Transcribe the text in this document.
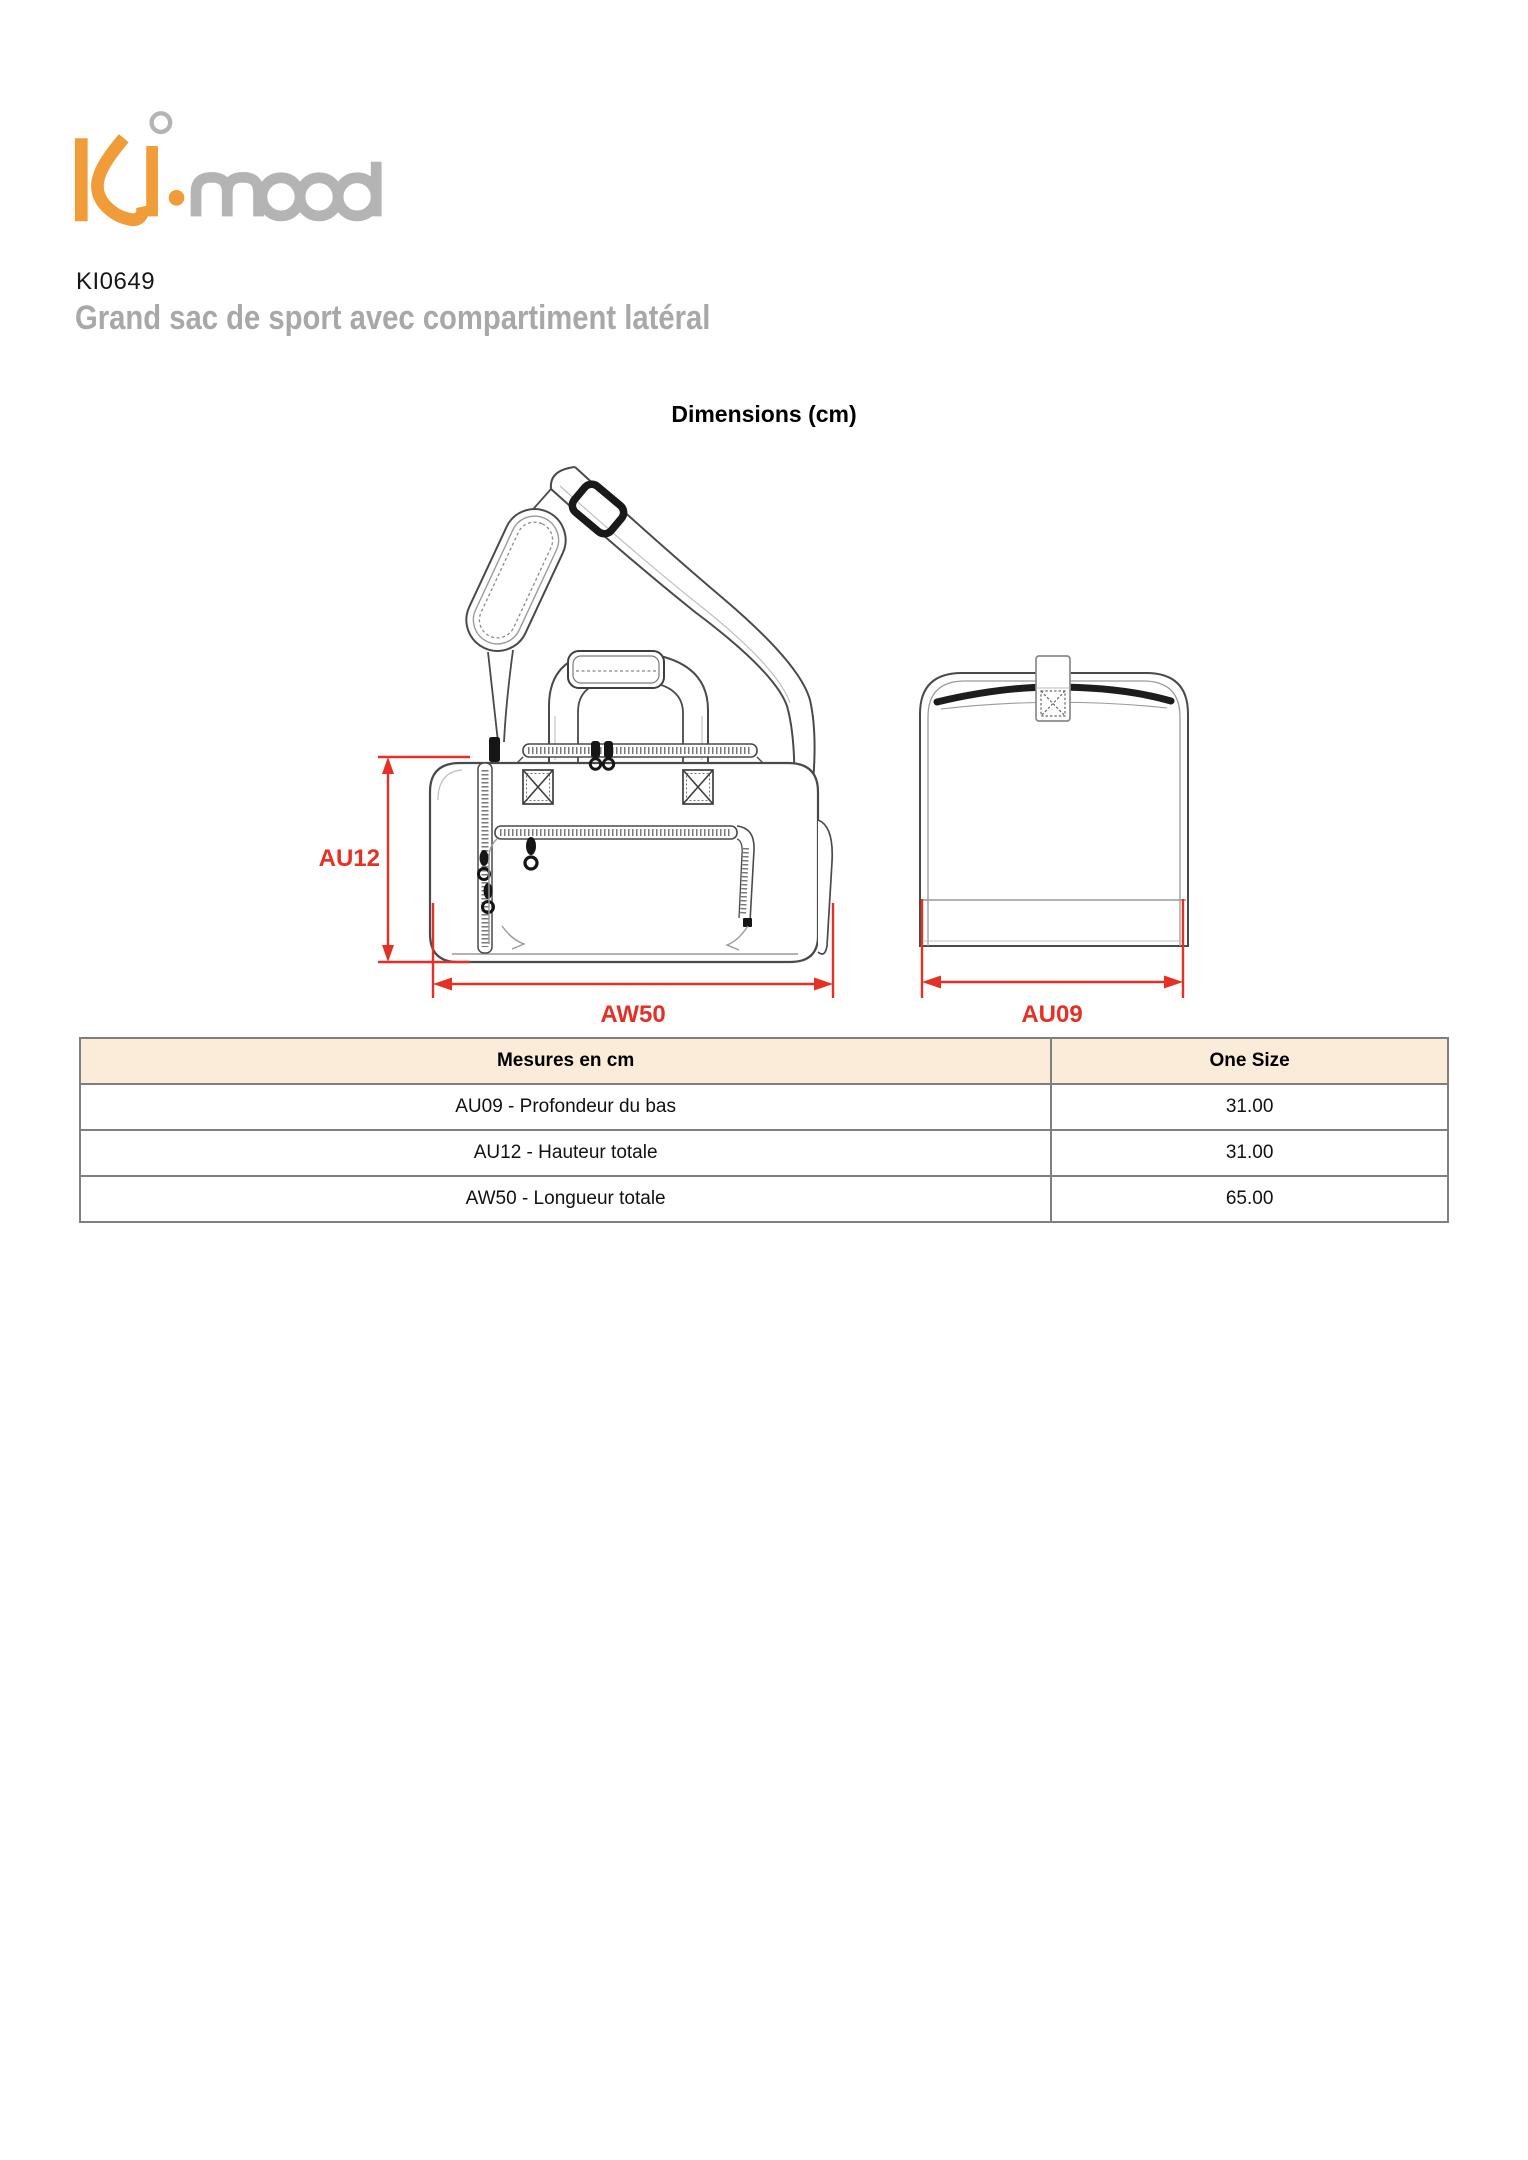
KI0649
Grand sac de sport avec compartiment latéral
Dimensions (cm)
AU12
AW50	AU09
Mesures en cm	One Size
AU09 - Profondeur du bas	31.00
AU12 - Hauteur totale	31.00
AW50 - Longueur totale	65.00
